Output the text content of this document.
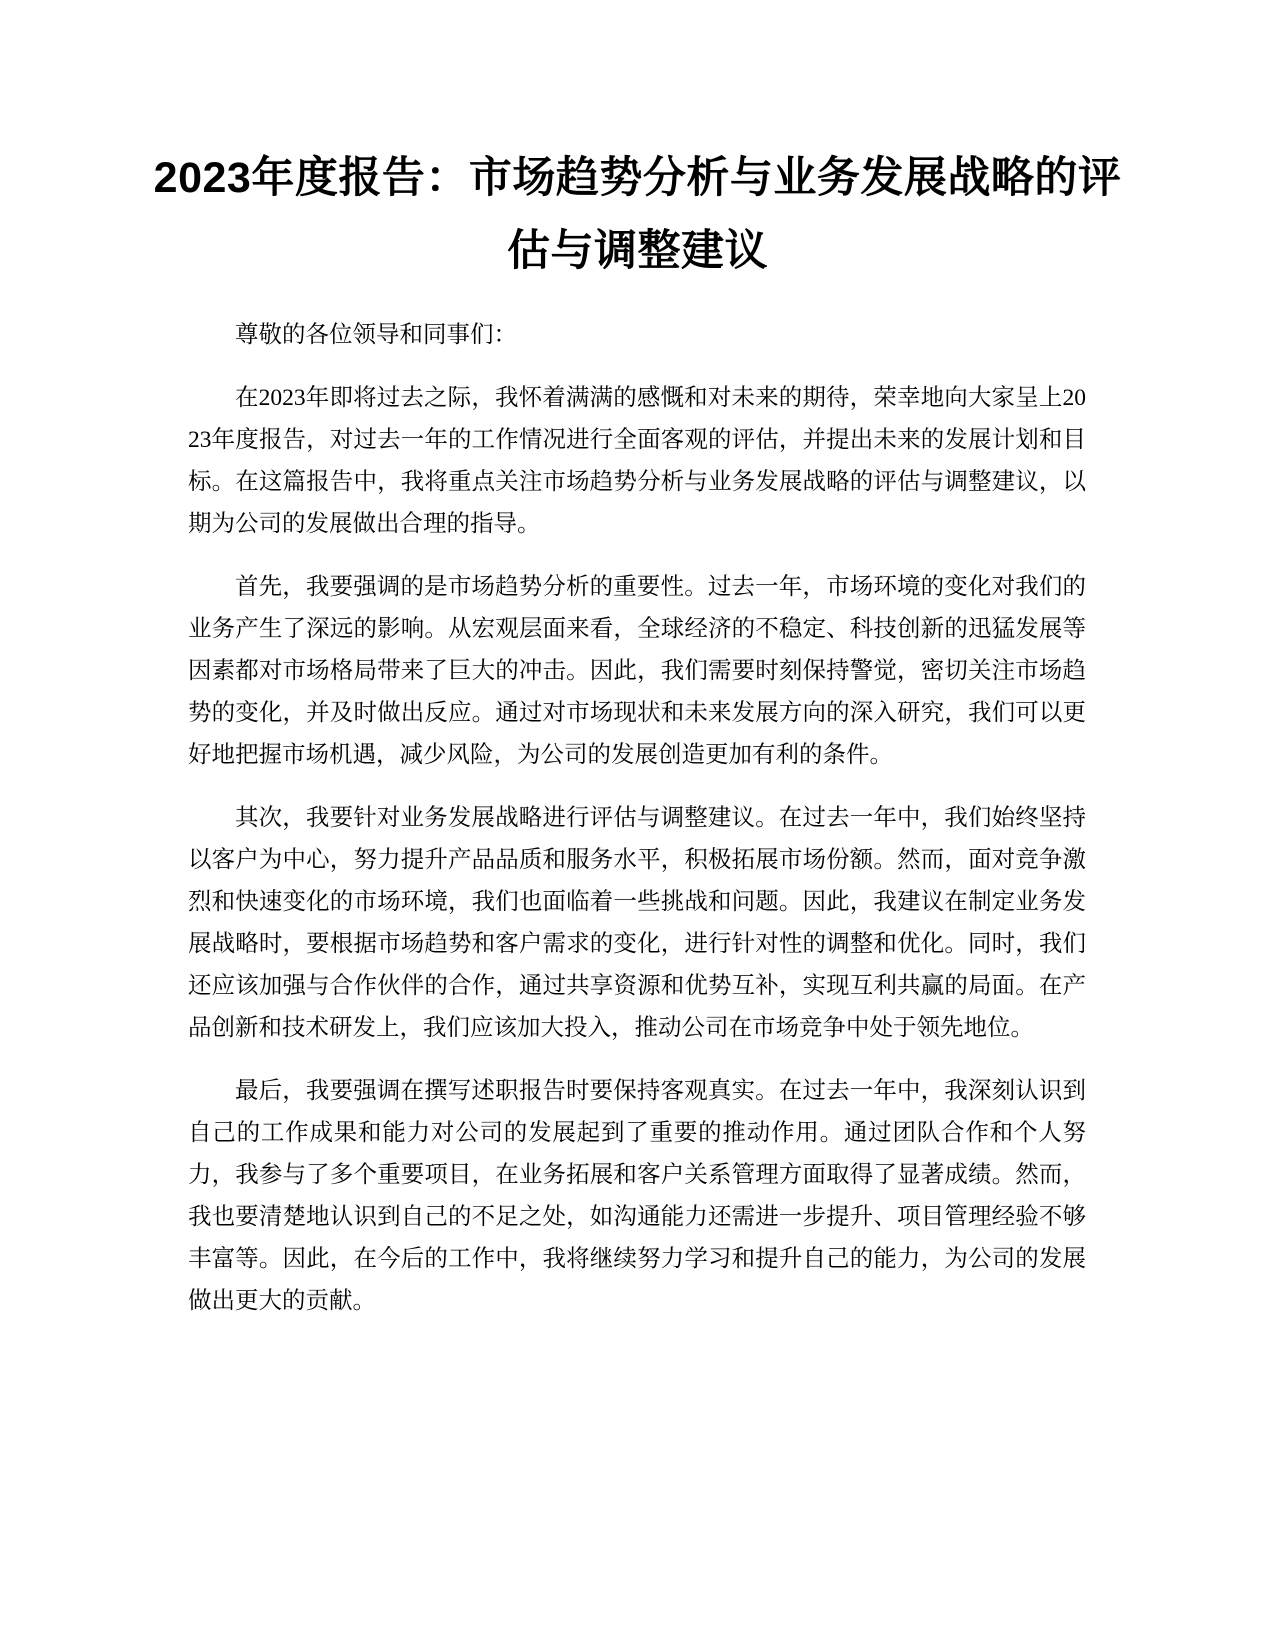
2023年度报告：市场趋势分析与业务发展战略的评估与调整建议

尊敬的各位领导和同事们：

在2023年即将过去之际，我怀着满满的感慨和对未来的期待，荣幸地向大家呈上2023年度报告，对过去一年的工作情况进行全面客观的评估，并提出未来的发展计划和目标。在这篇报告中，我将重点关注市场趋势分析与业务发展战略的评估与调整建议，以期为公司的发展做出合理的指导。

首先，我要强调的是市场趋势分析的重要性。过去一年，市场环境的变化对我们的业务产生了深远的影响。从宏观层面来看，全球经济的不稳定、科技创新的迅猛发展等因素都对市场格局带来了巨大的冲击。因此，我们需要时刻保持警觉，密切关注市场趋势的变化，并及时做出反应。通过对市场现状和未来发展方向的深入研究，我们可以更好地把握市场机遇，减少风险，为公司的发展创造更加有利的条件。

其次，我要针对业务发展战略进行评估与调整建议。在过去一年中，我们始终坚持以客户为中心，努力提升产品品质和服务水平，积极拓展市场份额。然而，面对竞争激烈和快速变化的市场环境，我们也面临着一些挑战和问题。因此，我建议在制定业务发展战略时，要根据市场趋势和客户需求的变化，进行针对性的调整和优化。同时，我们还应该加强与合作伙伴的合作，通过共享资源和优势互补，实现互利共赢的局面。在产品创新和技术研发上，我们应该加大投入，推动公司在市场竞争中处于领先地位。

最后，我要强调在撰写述职报告时要保持客观真实。在过去一年中，我深刻认识到自己的工作成果和能力对公司的发展起到了重要的推动作用。通过团队合作和个人努力，我参与了多个重要项目，在业务拓展和客户关系管理方面取得了显著成绩。然而，我也要清楚地认识到自己的不足之处，如沟通能力还需进一步提升、项目管理经验不够丰富等。因此，在今后的工作中，我将继续努力学习和提升自己的能力，为公司的发展做出更大的贡献。
